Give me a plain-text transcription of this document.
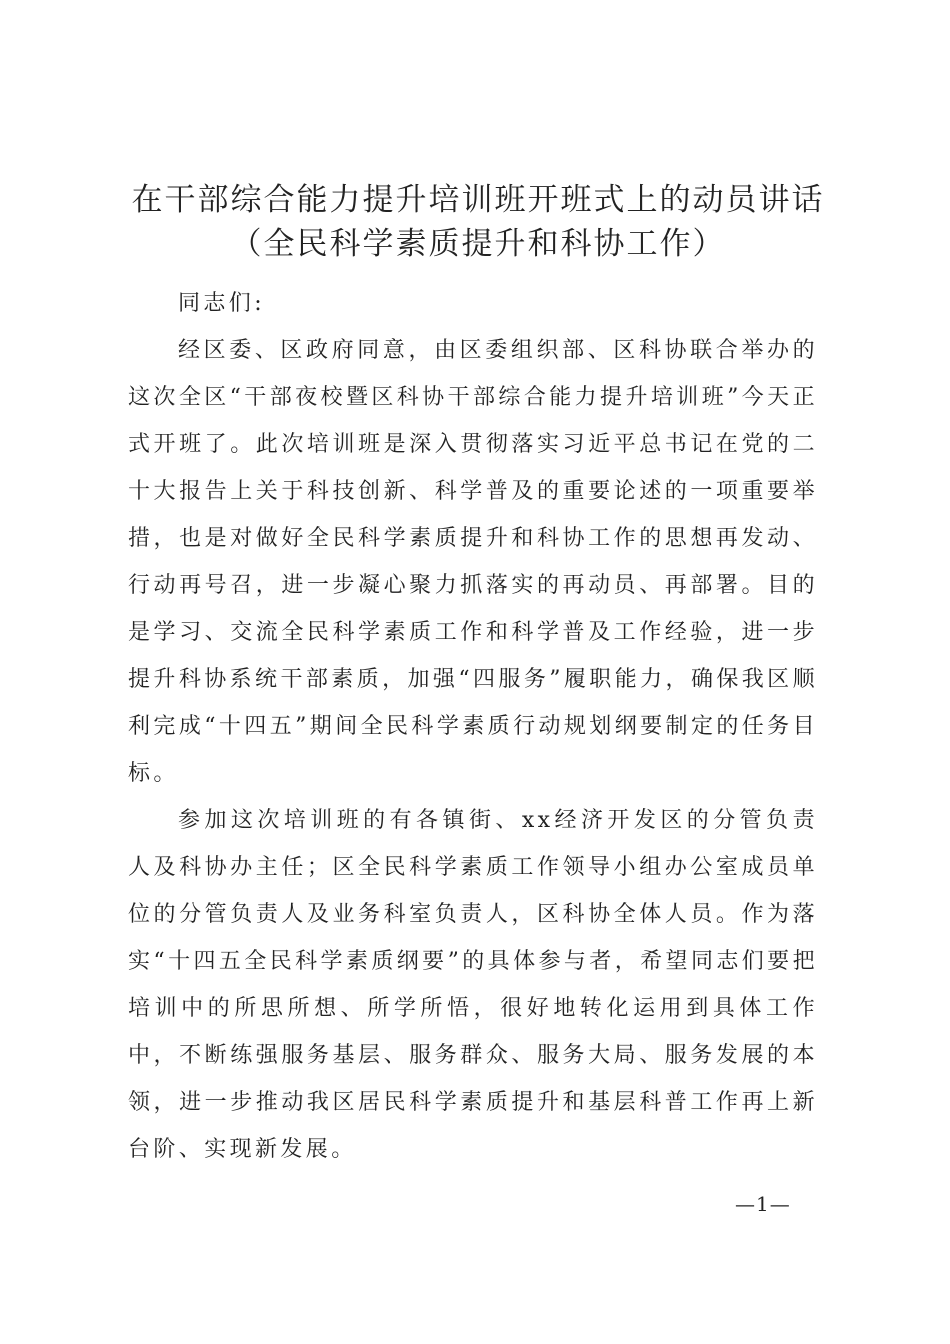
在干部综合能力提升培训班开班式上的动员讲话（全民科学素质提升和科协工作）

同志们:

经区委、区政府同意，由区委组织部、区科协联合举办的这次全区“干部夜校暨区科协干部综合能力提升培训班”今天正式开班了。此次培训班是深入贯彻落实习近平总书记在党的二十大报告上关于科技创新、科学普及的重要论述的一项重要举措，也是对做好全民科学素质提升和科协工作的思想再发动、行动再号召，进一步凝心聚力抓落实的再动员、再部署。目的是学习、交流全民科学素质工作和科学普及工作经验，进一步提升科协系统干部素质，加强“四服务”履职能力，确保我区顺利完成“十四五”期间全民科学素质行动规划纲要制定的任务目标。

参加这次培训班的有各镇街、xx经济开发区的分管负责人及科协办主任；区全民科学素质工作领导小组办公室成员单位的分管负责人及业务科室负责人，区科协全体人员。作为落实“十四五全民科学素质纲要”的具体参与者，希望同志们要把培训中的所思所想、所学所悟，很好地转化运用到具体工作中，不断练强服务基层、服务群众、服务大局、服务发展的本领，进一步推动我区居民科学素质提升和基层科普工作再上新台阶、实现新发展。

—1—
